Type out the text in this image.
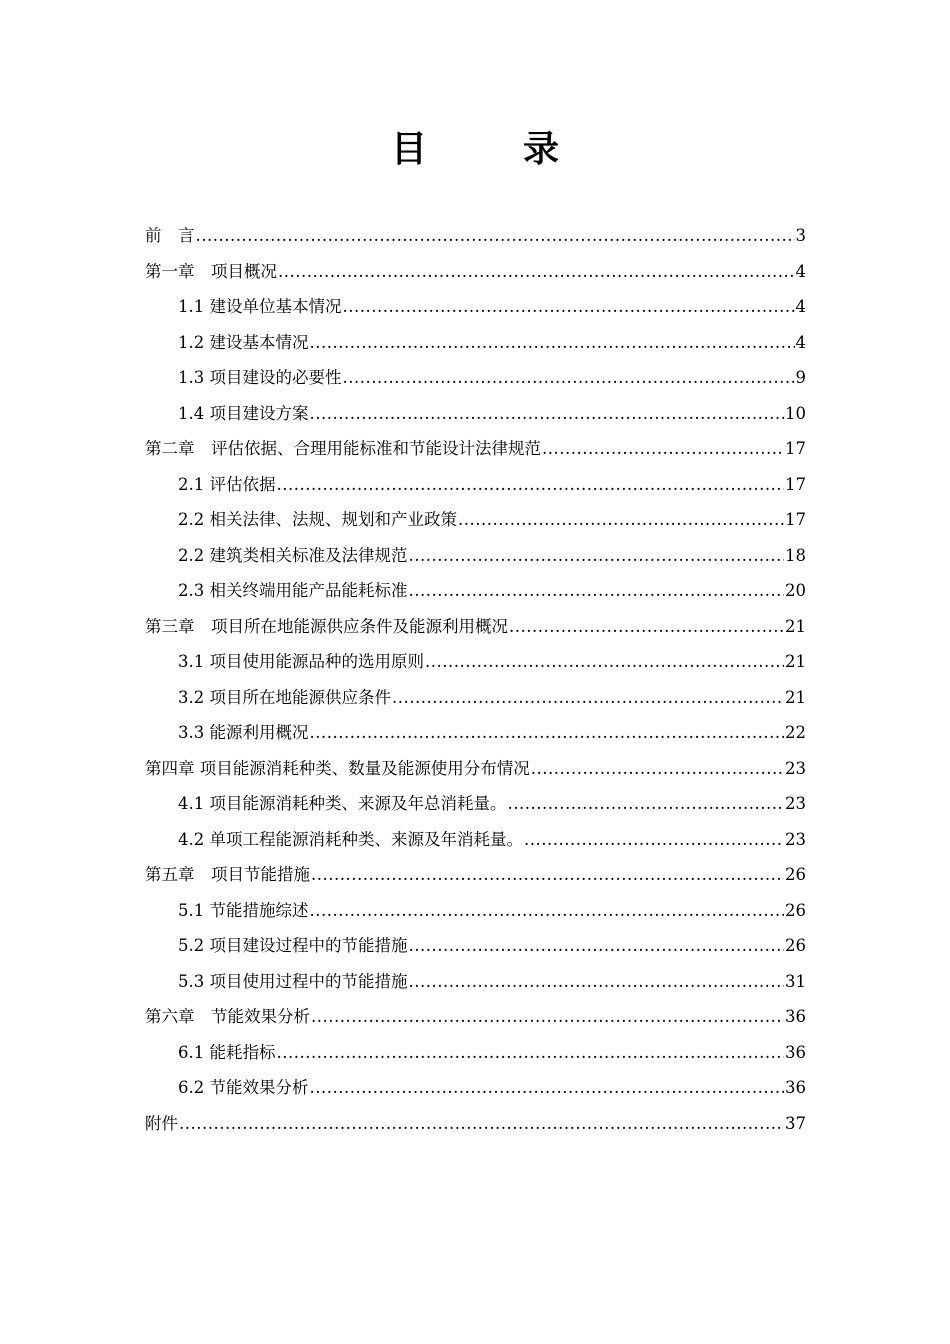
目　录
前　言 .....	3
第一章　项目概况 .....	4
1.1 建设单位基本情况 .....	4
1.2 建设基本情况 .....	4
1.3 项目建设的必要性 .....	9
1.4 项目建设方案 .....	10
第二章　评估依据、合理用能标准和节能设计法律规范 .....	17
2.1 评估依据 .....	17
2.2 相关法律、法规、规划和产业政策 .....	17
2.2 建筑类相关标准及法律规范 .....	18
2.3 相关终端用能产品能耗标准 .....	20
第三章　项目所在地能源供应条件及能源利用概况 .....	21
3.1 项目使用能源品种的选用原则 .....	21
3.2 项目所在地能源供应条件 .....	21
3.3 能源利用概况 .....	22
第四章 项目能源消耗种类、数量及能源使用分布情况 .....	23
4.1 项目能源消耗种类、来源及年总消耗量。 .....	23
4.2 单项工程能源消耗种类、来源及年消耗量。 .....	23
第五章　项目节能措施 .....	26
5.1 节能措施综述 .....	26
5.2 项目建设过程中的节能措施 .....	26
5.3 项目使用过程中的节能措施 .....	31
第六章　节能效果分析 .....	36
6.1 能耗指标 .....	36
6.2 节能效果分析 .....	36
附件 .....	37
